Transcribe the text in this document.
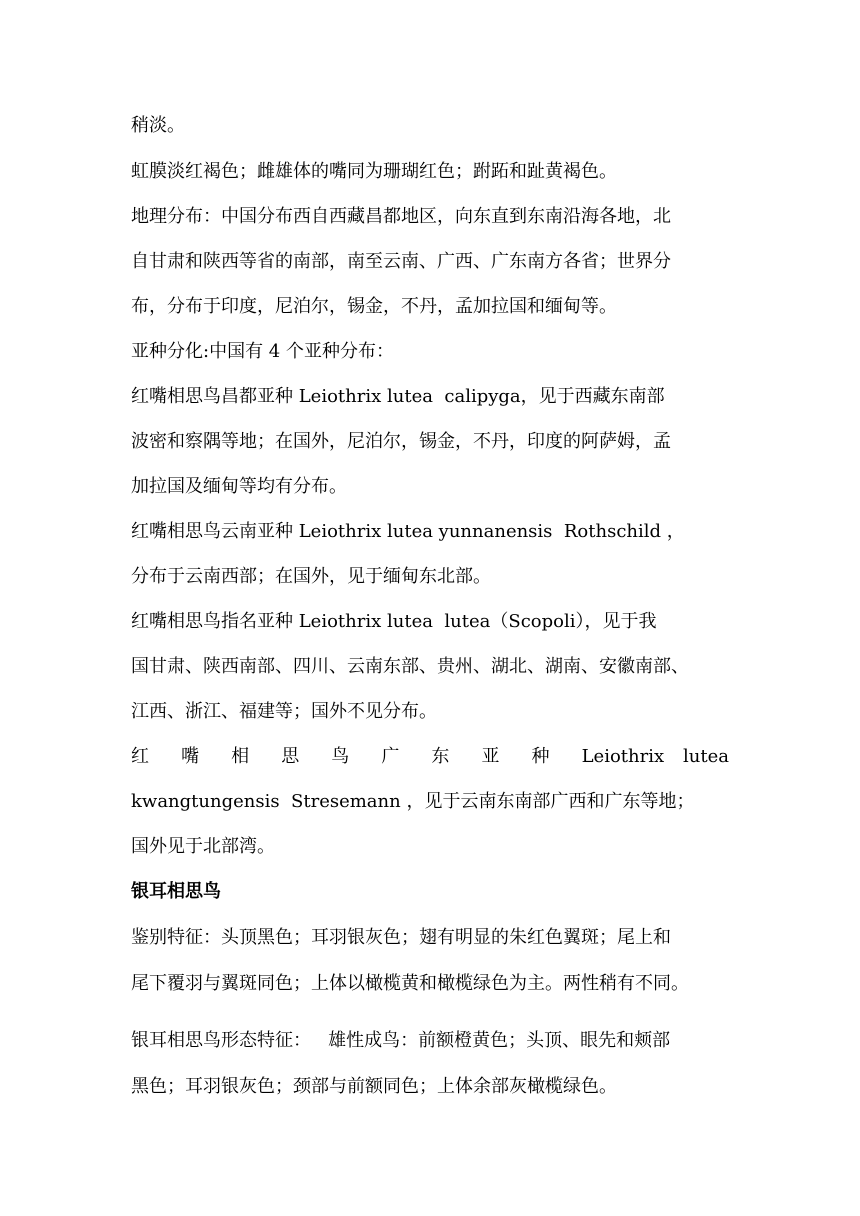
稍淡。
虹膜淡红褐色；雌雄体的嘴同为珊瑚红色；跗跖和趾黄褐色。
地理分布：中国分布西自西藏昌都地区，向东直到东南沿海各地，北
自甘肃和陕西等省的南部，南至云南、广西、广东南方各省；世界分
布，分布于印度，尼泊尔，锡金，不丹，孟加拉国和缅甸等。
亚种分化:中国有 4 个亚种分布：
红嘴相思鸟昌都亚种 Leiothrix lutea  calipyga，见于西藏东南部
波密和察隅等地；在国外，尼泊尔，锡金，不丹，印度的阿萨姆，孟
加拉国及缅甸等均有分布。
红嘴相思鸟云南亚种 Leiothrix lutea yunnanensis  Rothschild ，
分布于云南西部；在国外，见于缅甸东北部。
红嘴相思鸟指名亚种 Leiothrix lutea  lutea（Scopoli），见于我
国甘肃、陕西南部、四川、云南东部、贵州、湖北、湖南、安徽南部、
江西、浙江、福建等；国外不见分布。
红 嘴 相 思 鸟 广 东 亚 种 Leiothrix lutea
kwangtungensis  Stresemann ，见于云南东南部广西和广东等地；
国外见于北部湾。
银耳相思鸟
鉴别特征：头顶黑色；耳羽银灰色；翅有明显的朱红色翼斑；尾上和
尾下覆羽与翼斑同色；上体以橄榄黄和橄榄绿色为主。两性稍有不同。
银耳相思鸟形态特征：   雄性成鸟：前额橙黄色；头顶、眼先和颊部
黑色；耳羽银灰色；颈部与前额同色；上体余部灰橄榄绿色。
